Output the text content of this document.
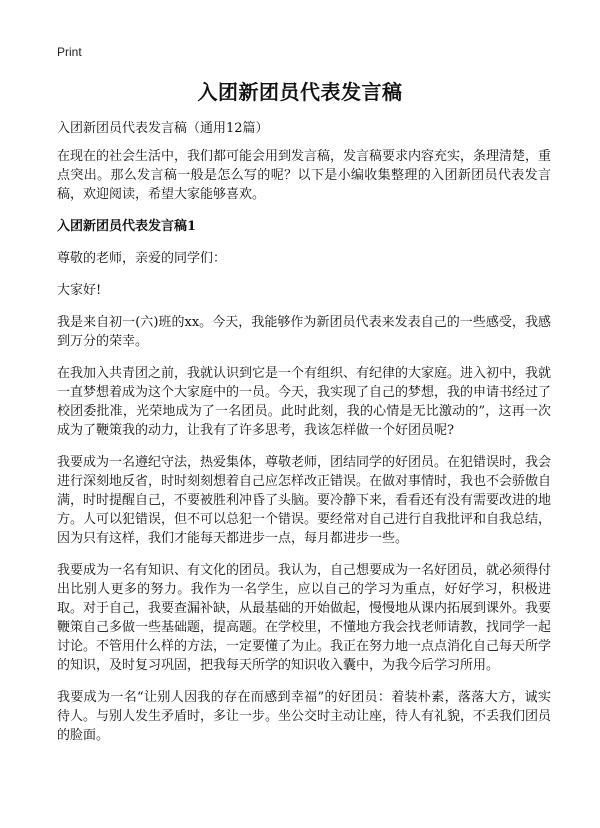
Print
入团新团员代表发言稿

入团新团员代表发言稿（通用12篇）

在现在的社会生活中，我们都可能会用到发言稿，发言稿要求内容充实，条理清楚，重点突出。那么发言稿一般是怎么写的呢？以下是小编收集整理的入团新团员代表发言稿，欢迎阅读，希望大家能够喜欢。

入团新团员代表发言稿1

尊敬的老师，亲爱的同学们：

大家好!

我是来自初一(六)班的xx。今天，我能够作为新团员代表来发表自己的一些感受，我感到万分的荣幸。

在我加入共青团之前，我就认识到它是一个有组织、有纪律的大家庭。进入初中，我就一直梦想着成为这个大家庭中的一员。今天，我实现了自己的梦想，我的申请书经过了校团委批准，光荣地成为了一名团员。此时此刻，我的心情是无比激动的”，这再一次成为了鞭策我的动力，让我有了许多思考，我该怎样做一个好团员呢?

我要成为一名遵纪守法，热爱集体，尊敬老师，团结同学的好团员。在犯错误时，我会进行深刻地反省，时时刻刻想着自己应怎样改正错误。在做对事情时，我也不会骄傲自满，时时提醒自己，不要被胜利冲昏了头脑。要冷静下来，看看还有没有需要改进的地方。人可以犯错误，但不可以总犯一个错误。要经常对自己进行自我批评和自我总结，因为只有这样，我们才能每天都进步一点，每月都进步一些。

我要成为一名有知识、有文化的团员。我认为，自己想要成为一名好团员，就必须得付出比别人更多的努力。我作为一名学生，应以自己的学习为重点，好好学习，积极进取。对于自己，我要查漏补缺，从最基础的开始做起，慢慢地从课内拓展到课外。我要鞭策自己多做一些基础题，提高题。在学校里，不懂地方我会找老师请教，找同学一起讨论。不管用什么样的方法，一定要懂了为止。我正在努力地一点点消化自己每天所学的知识，及时复习巩固，把我每天所学的知识收入囊中，为我今后学习所用。

我要成为一名“让别人因我的存在而感到幸福”的好团员：着装朴素，落落大方，诚实待人。与别人发生矛盾时，多让一步。坐公交时主动让座，待人有礼貌，不丢我们团员的脸面。
